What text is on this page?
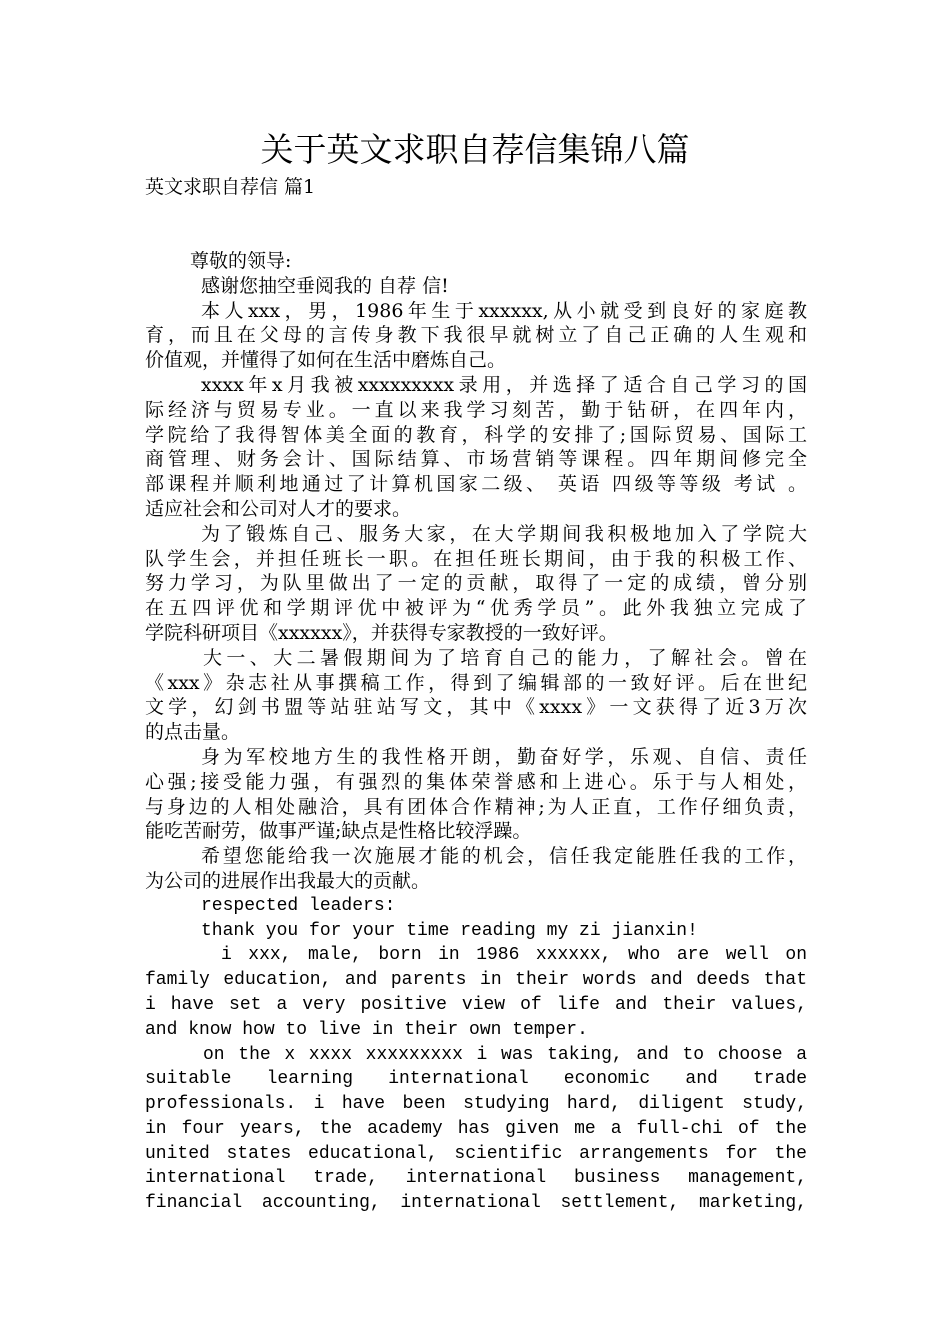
关于英文求职自荐信集锦八篇
英文求职自荐信 篇1
尊敬的领导:
感谢您抽空垂阅我的 自荐 信!
本人xxx，男，1986年生于xxxxxx,从小就受到良好的家庭教
育，而且在父母的言传身教下我很早就树立了自己正确的人生观和
价值观，并懂得了如何在生活中磨炼自己。
xxxx年x月我被xxxxxxxxx录用，并选择了适合自己学习的国
际经济与贸易专业。一直以来我学习刻苦，勤于钻研，在四年内，
学院给了我得智体美全面的教育，科学的安排了;国际贸易、国际工
商管理、财务会计、国际结算、市场营销等课程。四年期间修完全
部课程并顺利地通过了计算机国家二级、 英语 四级等等级 考试 。
适应社会和公司对人才的要求。
为了锻炼自己、服务大家，在大学期间我积极地加入了学院大
队学生会，并担任班长一职。在担任班长期间，由于我的积极工作、
努力学习，为队里做出了一定的贡献，取得了一定的成绩，曾分别
在五四评优和学期评优中被评为“优秀学员”。此外我独立完成了
学院科研项目《xxxxxx》，并获得专家教授的一致好评。
大一、大二暑假期间为了培育自己的能力，了解社会。曾在
《xxx》杂志社从事撰稿工作，得到了编辑部的一致好评。后在世纪
文学，幻剑书盟等站驻站写文，其中《xxxx》一文获得了近3万次
的点击量。
身为军校地方生的我性格开朗，勤奋好学，乐观、自信、责任
心强;接受能力强，有强烈的集体荣誉感和上进心。乐于与人相处，
与身边的人相处融洽，具有团体合作精神;为人正直，工作仔细负责，
能吃苦耐劳，做事严谨;缺点是性格比较浮躁。
希望您能给我一次施展才能的机会，信任我定能胜任我的工作，
为公司的进展作出我最大的贡献。
respected leaders:
thank you for your time reading my zi jianxin!
i xxx, male, born in 1986 xxxxxx, who are well on
family education, and parents in their words and deeds that
i have set a very positive view of life and their values,
and know how to live in their own temper.
on the x xxxx xxxxxxxxx i was taking, and to choose a
suitable learning international economic and trade
professionals. i have been studying hard, diligent study,
in four years, the academy has given me a full-chi of the
united states educational, scientific arrangements for the
international trade, international business management,
financial accounting, international settlement, marketing,
